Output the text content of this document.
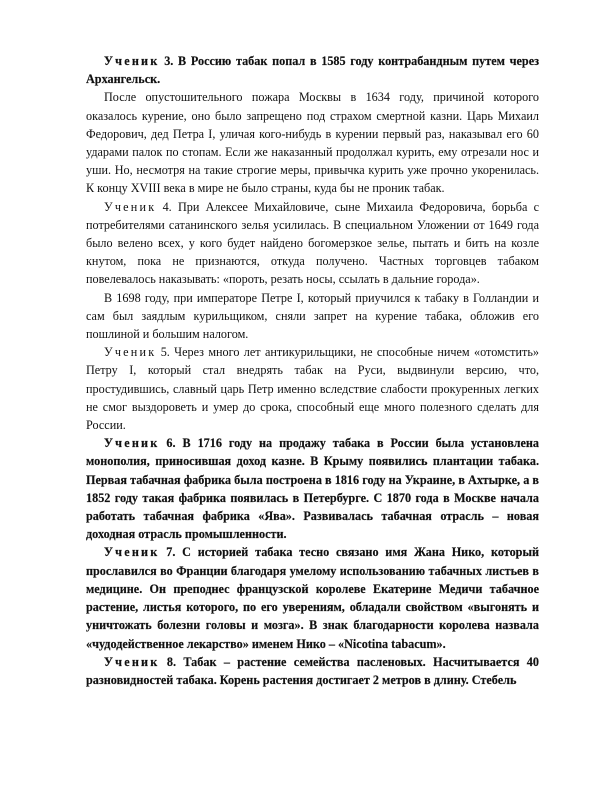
Ученик 3. В Россию табак попал в 1585 году контрабандным путем через Архангельск.

После опустошительного пожара Москвы в 1634 году, причиной которого оказалось курение, оно было запрещено под страхом смертной казни. Царь Михаил Федорович, дед Петра I, уличая кого-нибудь в курении первый раз, наказывал его 60 ударами палок по стопам. Если же наказанный продолжал курить, ему отрезали нос и уши. Но, несмотря на такие строгие меры, привычка курить уже прочно укоренилась. К концу XVIII века в мире не было страны, куда бы не проник табак.

Ученик 4. При Алексее Михайловиче, сыне Михаила Федоровича, борьба с потребителями сатанинского зелья усилилась. В специальном Уложении от 1649 года было велено всех, у кого будет найдено богомерзкое зелье, пытать и бить на козле кнутом, пока не признаются, откуда получено. Частных торговцев табаком повелевалось наказывать: «пороть, резать носы, ссылать в дальние города».

В 1698 году, при императоре Петре I, который приучился к табаку в Голландии и сам был заядлым курильщиком, сняли запрет на курение табака, обложив его пошлиной и большим налогом.

Ученик 5. Через много лет антикурильщики, не способные ничем «отомстить» Петру I, который стал внедрять табак на Руси, выдвинули версию, что, простудившись, славный царь Петр именно вследствие слабости прокуренных легких не смог выздороветь и умер до срока, способный еще много полезного сделать для России.

Ученик 6. В 1716 году на продажу табака в России была установлена монополия, приносившая доход казне. В Крыму появились плантации табака. Первая табачная фабрика была построена в 1816 году на Украине, в Ахтырке, а в 1852 году такая фабрика появилась в Петербурге. С 1870 года в Москве начала работать табачная фабрика «Ява». Развивалась табачная отрасль – новая доходная отрасль промышленности.

Ученик 7. С историей табака тесно связано имя Жана Нико, который прославился во Франции благодаря умелому использованию табачных листьев в медицине. Он преподнес французской королеве Екатерине Медичи табачное растение, листья которого, по его уверениям, обладали свойством «выгонять и уничтожать болезни головы и мозга». В знак благодарности королева назвала «чудодейственное лекарство» именем Нико – «Nicotina tabacum».

Ученик 8. Табак – растение семейства пасленовых. Насчитывается 40 разновидностей табака. Корень растения достигает 2 метров в длину. Стебель
